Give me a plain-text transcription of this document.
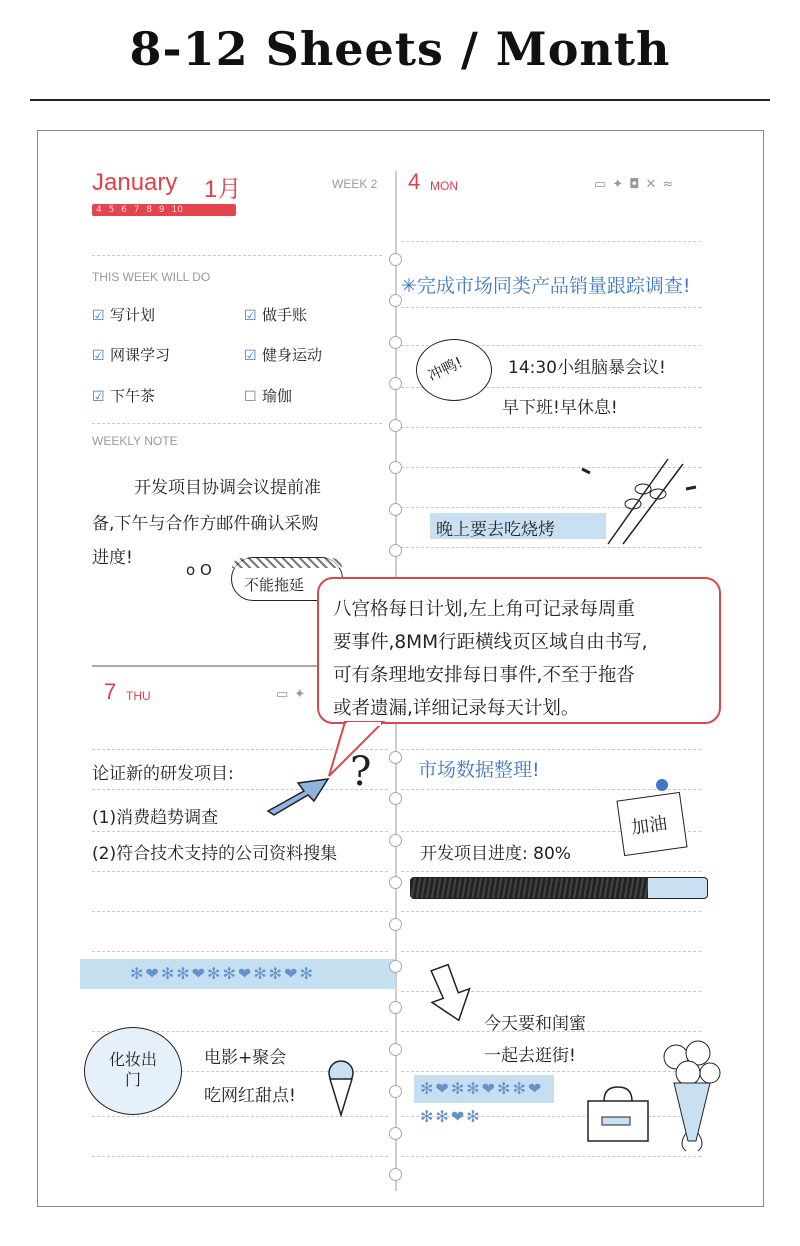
8-12 Sheets / Month
January 1月
4 5 6 7 8 9 10
WEEK 2 4 MON	▭✦◘✕≈
THIS WEEK WILL DO
☑ 写计划	☑ 做手账
☑ 网课学习	☑ 健身运动
☑ 下午茶	☐ 瑜伽
WEEKLY NOTE
开发项目协调会议提前准
备,下午与合作方邮件确认采购
进度!
o O
不能拖延
✳完成市场同类产品销量跟踪调查!
冲鸭!	14:30小组脑暴会议!
早下班!早休息!
晚上要去吃烧烤
7 THU	▭✦
论证新的研发项目:
(1)消费趋势调查
(2)符合技术支持的公司资料搜集
?
✻❤✻✻❤✻✻❤✻✻❤✻
化妆出门
电影+聚会
吃网红甜点!
市场数据整理!
开发项目进度: 80%
加油
今天要和闺蜜
一起去逛街!
✻❤✻✻❤✻✻❤✻✻❤✻
八宫格每日计划,左上角可记录每周重
要事件,8MM行距横线页区域自由书写,
可有条理地安排每日事件,不至于拖沓
或者遗漏,详细记录每天计划。
